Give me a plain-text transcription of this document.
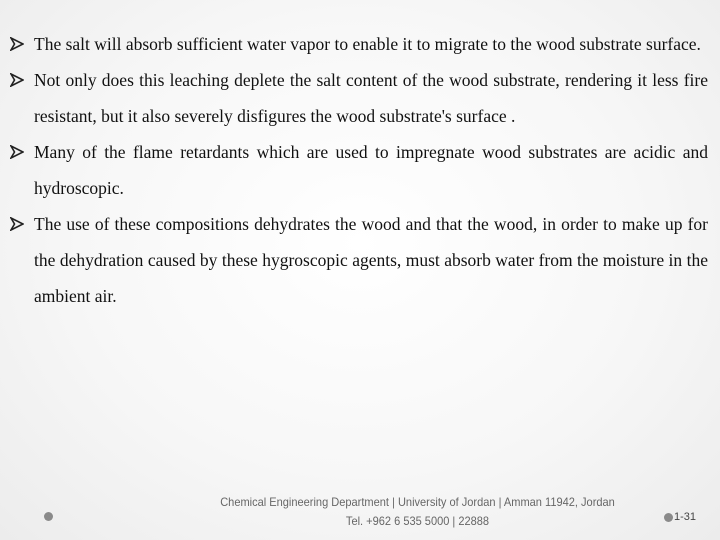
The salt will absorb sufficient water vapor to enable it to migrate to the wood substrate surface.
Not only does this leaching deplete the salt content of the wood substrate, rendering it less fire resistant, but it also severely disfigures the wood substrate's surface .
Many of the flame retardants which are used to impregnate wood substrates are acidic and hydroscopic.
The use of these compositions dehydrates the wood and that the wood, in order to make up for the dehydration caused by these hygroscopic agents, must absorb water from the moisture in the ambient air.
Chemical Engineering Department | University of Jordan | Amman 11942, Jordan
Tel. +962 6 535 5000 | 22888	1-31
